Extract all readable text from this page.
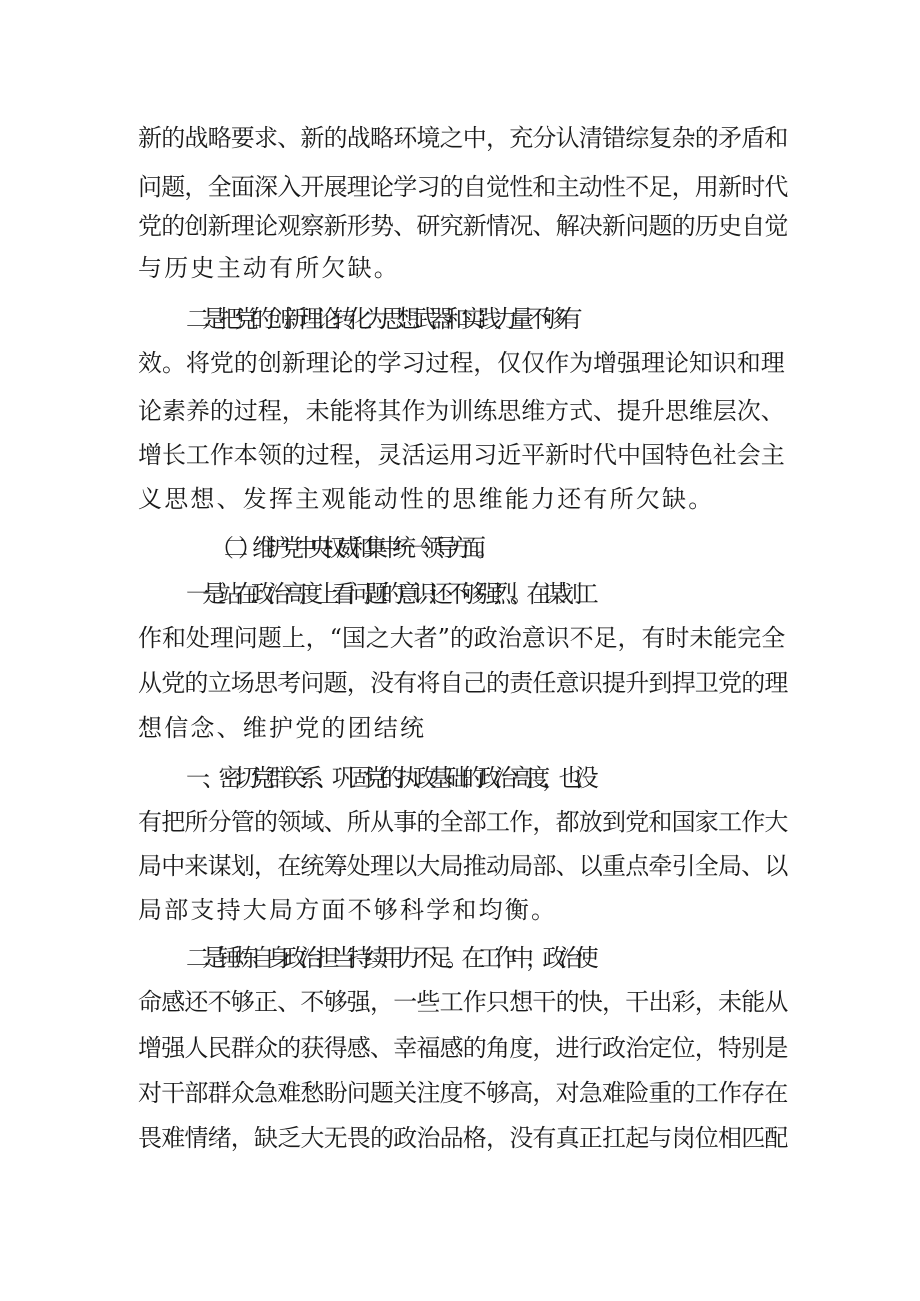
新的战略要求、新的战略环境之中，充分认清错综复杂的矛盾和
问题，全面深入开展理论学习的自觉性和主动性不足，用新时代
党的创新理论观察新形势、研究新情况、解决新问题的历史自觉
与历史主动有所欠缺。
二是把党的创新理论转化为思想武器和实践力量不够有
效。将党的创新理论的学习过程，仅仅作为增强理论知识和理
论素养的过程，未能将其作为训练思维方式、提升思维层次、
增长工作本领的过程，灵活运用习近平新时代中国特色社会主
义思想、发挥主观能动性的思维能力还有所欠缺。
（二）维护党中央权威和集中统一领导方面。
一是站在政治高度上看问题的意识还不够强烈。在谋划工
作和处理问题上，“国之大者”的政治意识不足，有时未能完全
从党的立场思考问题，没有将自己的责任意识提升到捍卫党的理
想信念、维护党的团结统
一、密切党群关系、巩固党的执政基础的政治高度，也没
有把所分管的领域、所从事的全部工作，都放到党和国家工作大
局中来谋划，在统筹处理以大局推动局部、以重点牵引全局、以
局部支持大局方面不够科学和均衡。
二是锤炼自身政治担当持续用力不足。在工作中，政治使
命感还不够正、不够强，一些工作只想干的快，干出彩，未能从
增强人民群众的获得感、幸福感的角度，进行政治定位，特别是
对干部群众急难愁盼问题关注度不够高，对急难险重的工作存在
畏难情绪，缺乏大无畏的政治品格，没有真正扛起与岗位相匹配
